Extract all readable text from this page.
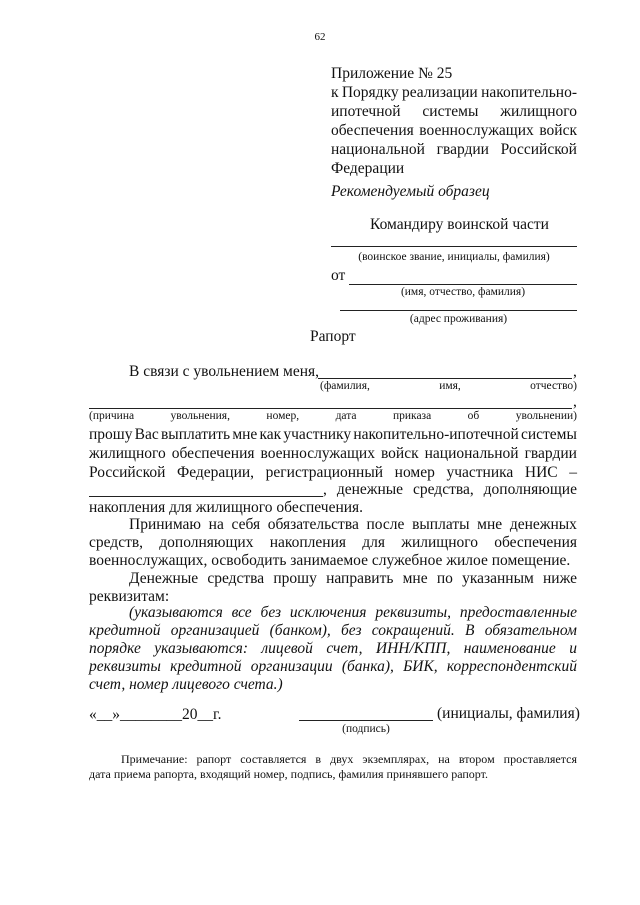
62
Приложение № 25
к Порядку реализации накопительно-
ипотечной системы жилищного
обеспечения военнослужащих войск
национальной гвардии Российской
Федерации
Рекомендуемый образец
Командиру воинской части
(воинское звание, инициалы, фамилия)
от
(имя, отчество, фамилия)
(адрес проживания)
Рапорт
В связи с увольнением меня,	,
(фамилия,	имя,	отчество)
,
(причина	увольнения,	номер,	дата	приказа	об	увольнении)
прошу Вас выплатить мне как участнику накопительно-ипотечной системы
жилищного обеспечения военнослужащих войск национальной гвардии
Российской Федерации, регистрационный номер участника НИС –
, денежные средства, дополняющие
накопления для жилищного обеспечения.
Принимаю на себя обязательства после выплаты мне денежных
средств, дополняющих накопления для жилищного обеспечения
военнослужащих, освободить занимаемое служебное жилое помещение.
Денежные средства прошу направить мне по указанным ниже
реквизитам:
(указываются все без исключения реквизиты, предоставленные
кредитной организацией (банком), без сокращений. В обязательном
порядке указываются: лицевой счет, ИНН/КПП, наименование и
реквизиты кредитной организации (банка), БИК, корреспондентский
счет, номер лицевого счета.)
«__»________20__г.	(инициалы, фамилия)
(подпись)
Примечание: рапорт составляется в двух экземплярах, на втором проставляется
дата приема рапорта, входящий номер, подпись, фамилия принявшего рапорт.
